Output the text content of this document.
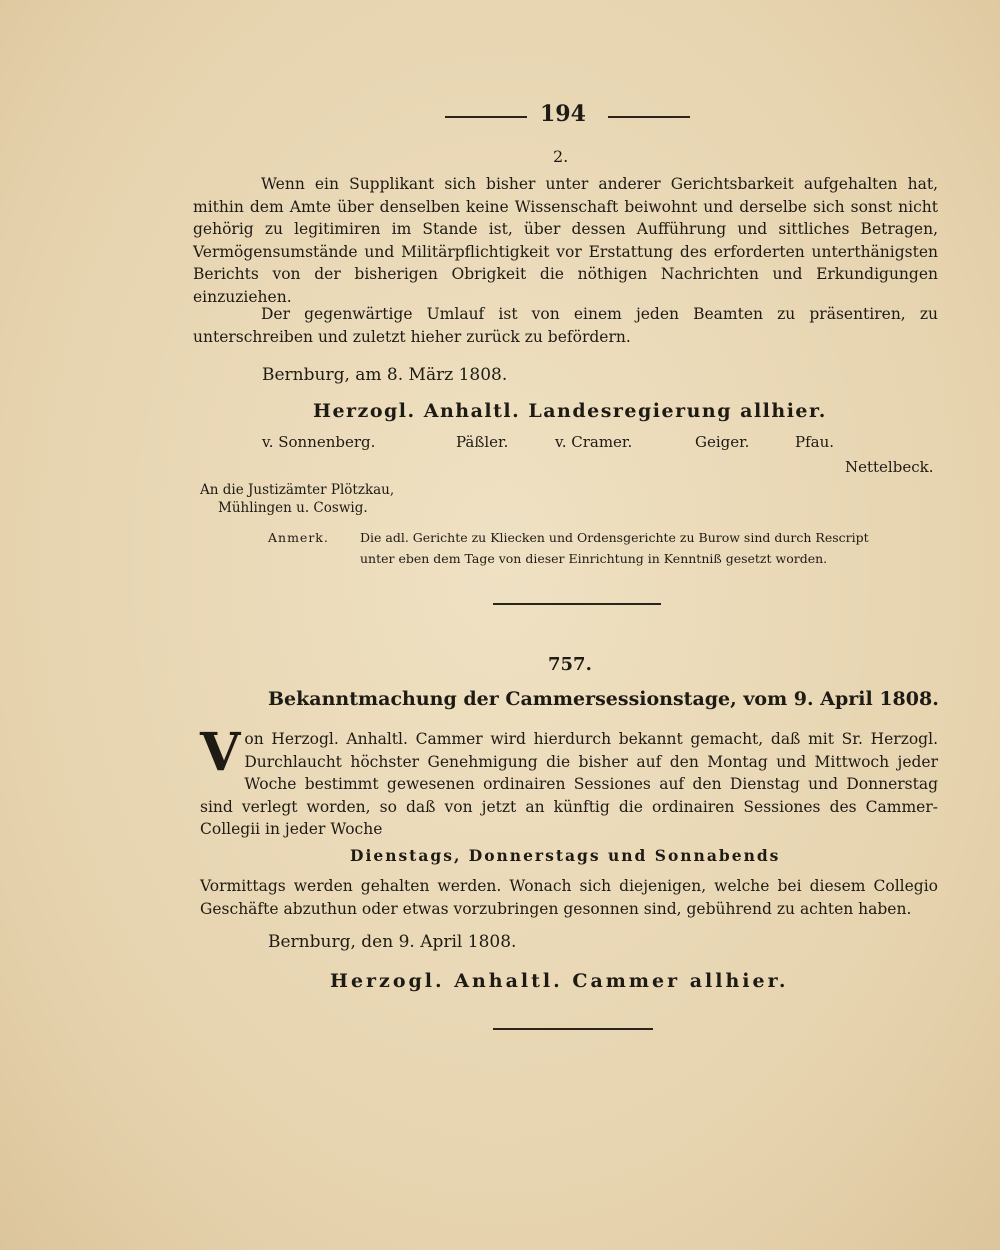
194
2.
Wenn ein Supplikant sich bisher unter anderer Gerichtsbarkeit aufgehalten hat, mithin dem Amte über denselben keine Wissenschaft beiwohnt und derselbe sich sonst nicht gehörig zu legitimiren im Stande ist, über dessen Aufführung und sittliches Betragen, Vermögensumstände und Militärpflichtigkeit vor Erstattung des erforderten unterthänigsten Berichts von der bisherigen Obrigkeit die nöthigen Nachrichten und Erkundigungen einzuziehen.
Der gegenwärtige Umlauf ist von einem jeden Beamten zu präsentiren, zu unterschreiben und zuletzt hieher zurück zu befördern.
Bernburg, am 8. März 1808.
Herzogl. Anhaltl. Landesregierung allhier.
v. Sonnenberg.	Päßler.	v. Cramer.	Geiger.	Pfau.
Nettelbeck.
An die Justizämter Plötzkau,
Mühlingen u. Coswig.
Anmerk. Die adl. Gerichte zu Kliecken und Ordensgerichte zu Burow sind durch Rescript
unter eben dem Tage von dieser Einrichtung in Kenntniß gesetzt worden.
757.
Bekanntmachung der Cammersessionstage, vom 9. April 1808.
Von Herzogl. Anhaltl. Cammer wird hierdurch bekannt gemacht, daß mit Sr. Herzogl. Durchlaucht höchster Genehmigung die bisher auf den Montag und Mittwoch jeder Woche bestimmt gewesenen ordinairen Sessiones auf den Dienstag und Donnerstag sind verlegt worden, so daß von jetzt an künftig die ordinairen Sessiones des Cammer-Collegii in jeder Woche
Dienstags, Donnerstags und Sonnabends
Vormittags werden gehalten werden. Wonach sich diejenigen, welche bei diesem Collegio Geschäfte abzuthun oder etwas vorzubringen gesonnen sind, gebührend zu achten haben.
Bernburg, den 9. April 1808.
Herzogl. Anhaltl. Cammer allhier.
